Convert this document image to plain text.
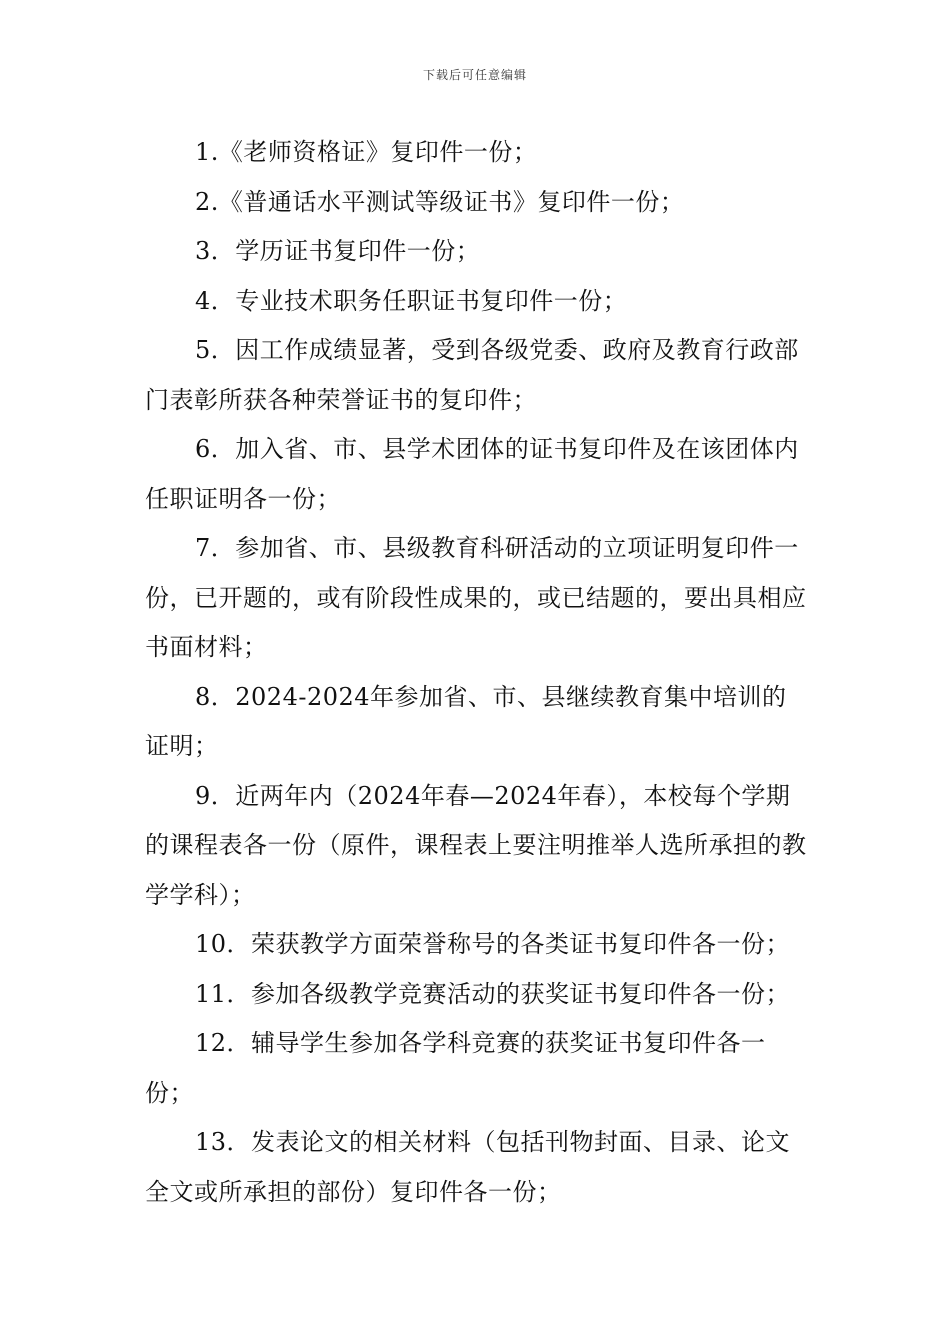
下载后可任意编辑

1.《老师资格证》复印件一份；

2.《普通话水平测试等级证书》复印件一份；

3．学历证书复印件一份；

4．专业技术职务任职证书复印件一份；

5．因工作成绩显著，受到各级党委、政府及教育行政部门表彰所获各种荣誉证书的复印件；

6．加入省、市、县学术团体的证书复印件及在该团体内任职证明各一份；

7．参加省、市、县级教育科研活动的立项证明复印件一份，已开题的，或有阶段性成果的，或已结题的，要出具相应书面材料；

8．2024-2024年参加省、市、县继续教育集中培训的证明；

9．近两年内（2024年春—2024年春），本校每个学期的课程表各一份（原件，课程表上要注明推举人选所承担的教学学科）；

10．荣获教学方面荣誉称号的各类证书复印件各一份；

11．参加各级教学竞赛活动的获奖证书复印件各一份；

12．辅导学生参加各学科竞赛的获奖证书复印件各一份；

13．发表论文的相关材料（包括刊物封面、目录、论文全文或所承担的部份）复印件各一份；
